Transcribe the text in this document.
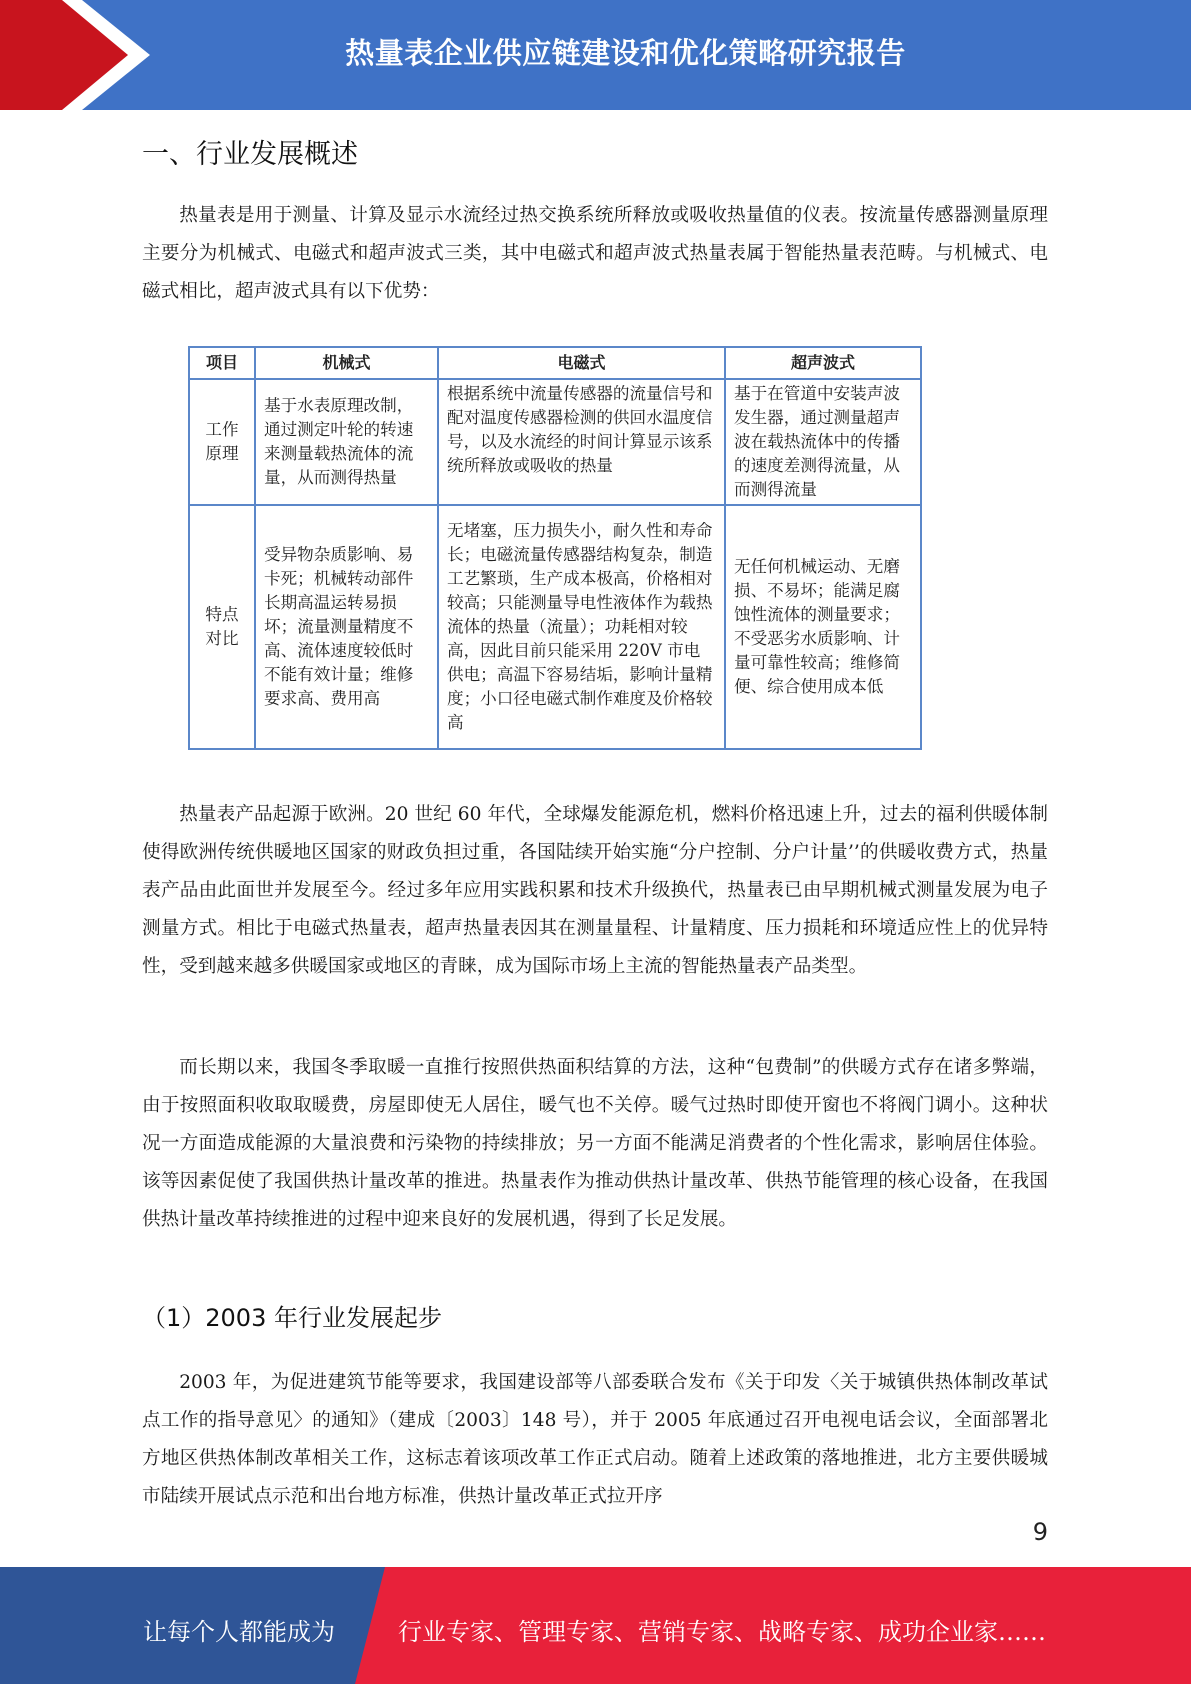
热量表企业供应链建设和优化策略研究报告
一、行业发展概述

热量表是用于测量、计算及显示水流经过热交换系统所释放或吸收热量值的仪表。按流量传感器测量原理主要分为机械式、电磁式和超声波式三类，其中电磁式和超声波式热量表属于智能热量表范畴。与机械式、电磁式相比，超声波式具有以下优势：

项目	机械式	电磁式	超声波式
工作原理	基于水表原理改制，通过测定叶轮的转速来测量载热流体的流量，从而测得热量	根据系统中流量传感器的流量信号和配对温度传感器检测的供回水温度信号，以及水流经的时间计算显示该系统所释放或吸收的热量	基于在管道中安装声波发生器，通过测量超声波在载热流体中的传播的速度差测得流量，从而测得流量
特点对比	受异物杂质影响、易卡死；机械转动部件长期高温运转易损坏；流量测量精度不高、流体速度较低时不能有效计量；维修要求高、费用高	无堵塞，压力损失小，耐久性和寿命长；电磁流量传感器结构复杂，制造工艺繁琐，生产成本极高，价格相对较高；只能测量导电性液体作为载热流体的热量（流量）；功耗相对较高，因此目前只能采用 220V 市电供电；高温下容易结垢，影响计量精度；小口径电磁式制作难度及价格较高	无任何机械运动、无磨损、不易坏；能满足腐蚀性流体的测量要求；不受恶劣水质影响、计量可靠性较高；维修简便、综合使用成本低

热量表产品起源于欧洲。20 世纪 60 年代，全球爆发能源危机，燃料价格迅速上升，过去的福利供暖体制使得欧洲传统供暖地区国家的财政负担过重，各国陆续开始实施“分户控制、分户计量’’的供暖收费方式，热量表产品由此面世并发展至今。经过多年应用实践积累和技术升级换代，热量表已由早期机械式测量发展为电子测量方式。相比于电磁式热量表，超声热量表因其在测量量程、计量精度、压力损耗和环境适应性上的优异特性，受到越来越多供暖国家或地区的青睐，成为国际市场上主流的智能热量表产品类型。

而长期以来，我国冬季取暖一直推行按照供热面积结算的方法，这种“包费制”的供暖方式存在诸多弊端，由于按照面积收取取暖费，房屋即使无人居住，暖气也不关停。暖气过热时即使开窗也不将阀门调小。这种状况一方面造成能源的大量浪费和污染物的持续排放；另一方面不能满足消费者的个性化需求，影响居住体验。该等因素促使了我国供热计量改革的推进。热量表作为推动供热计量改革、供热节能管理的核心设备，在我国供热计量改革持续推进的过程中迎来良好的发展机遇，得到了长足发展。

（1）2003 年行业发展起步

2003 年，为促进建筑节能等要求，我国建设部等八部委联合发布《关于印发〈关于城镇供热体制改革试点工作的指导意见〉的通知》（建成〔2003〕148 号），并于 2005 年底通过召开电视电话会议，全面部署北方地区供热体制改革相关工作，这标志着该项改革工作正式启动。随着上述政策的落地推进，北方主要供暖城市陆续开展试点示范和出台地方标准，供热计量改革正式拉开序

9
让每个人都能成为	行业专家、管理专家、营销专家、战略专家、成功企业家……
